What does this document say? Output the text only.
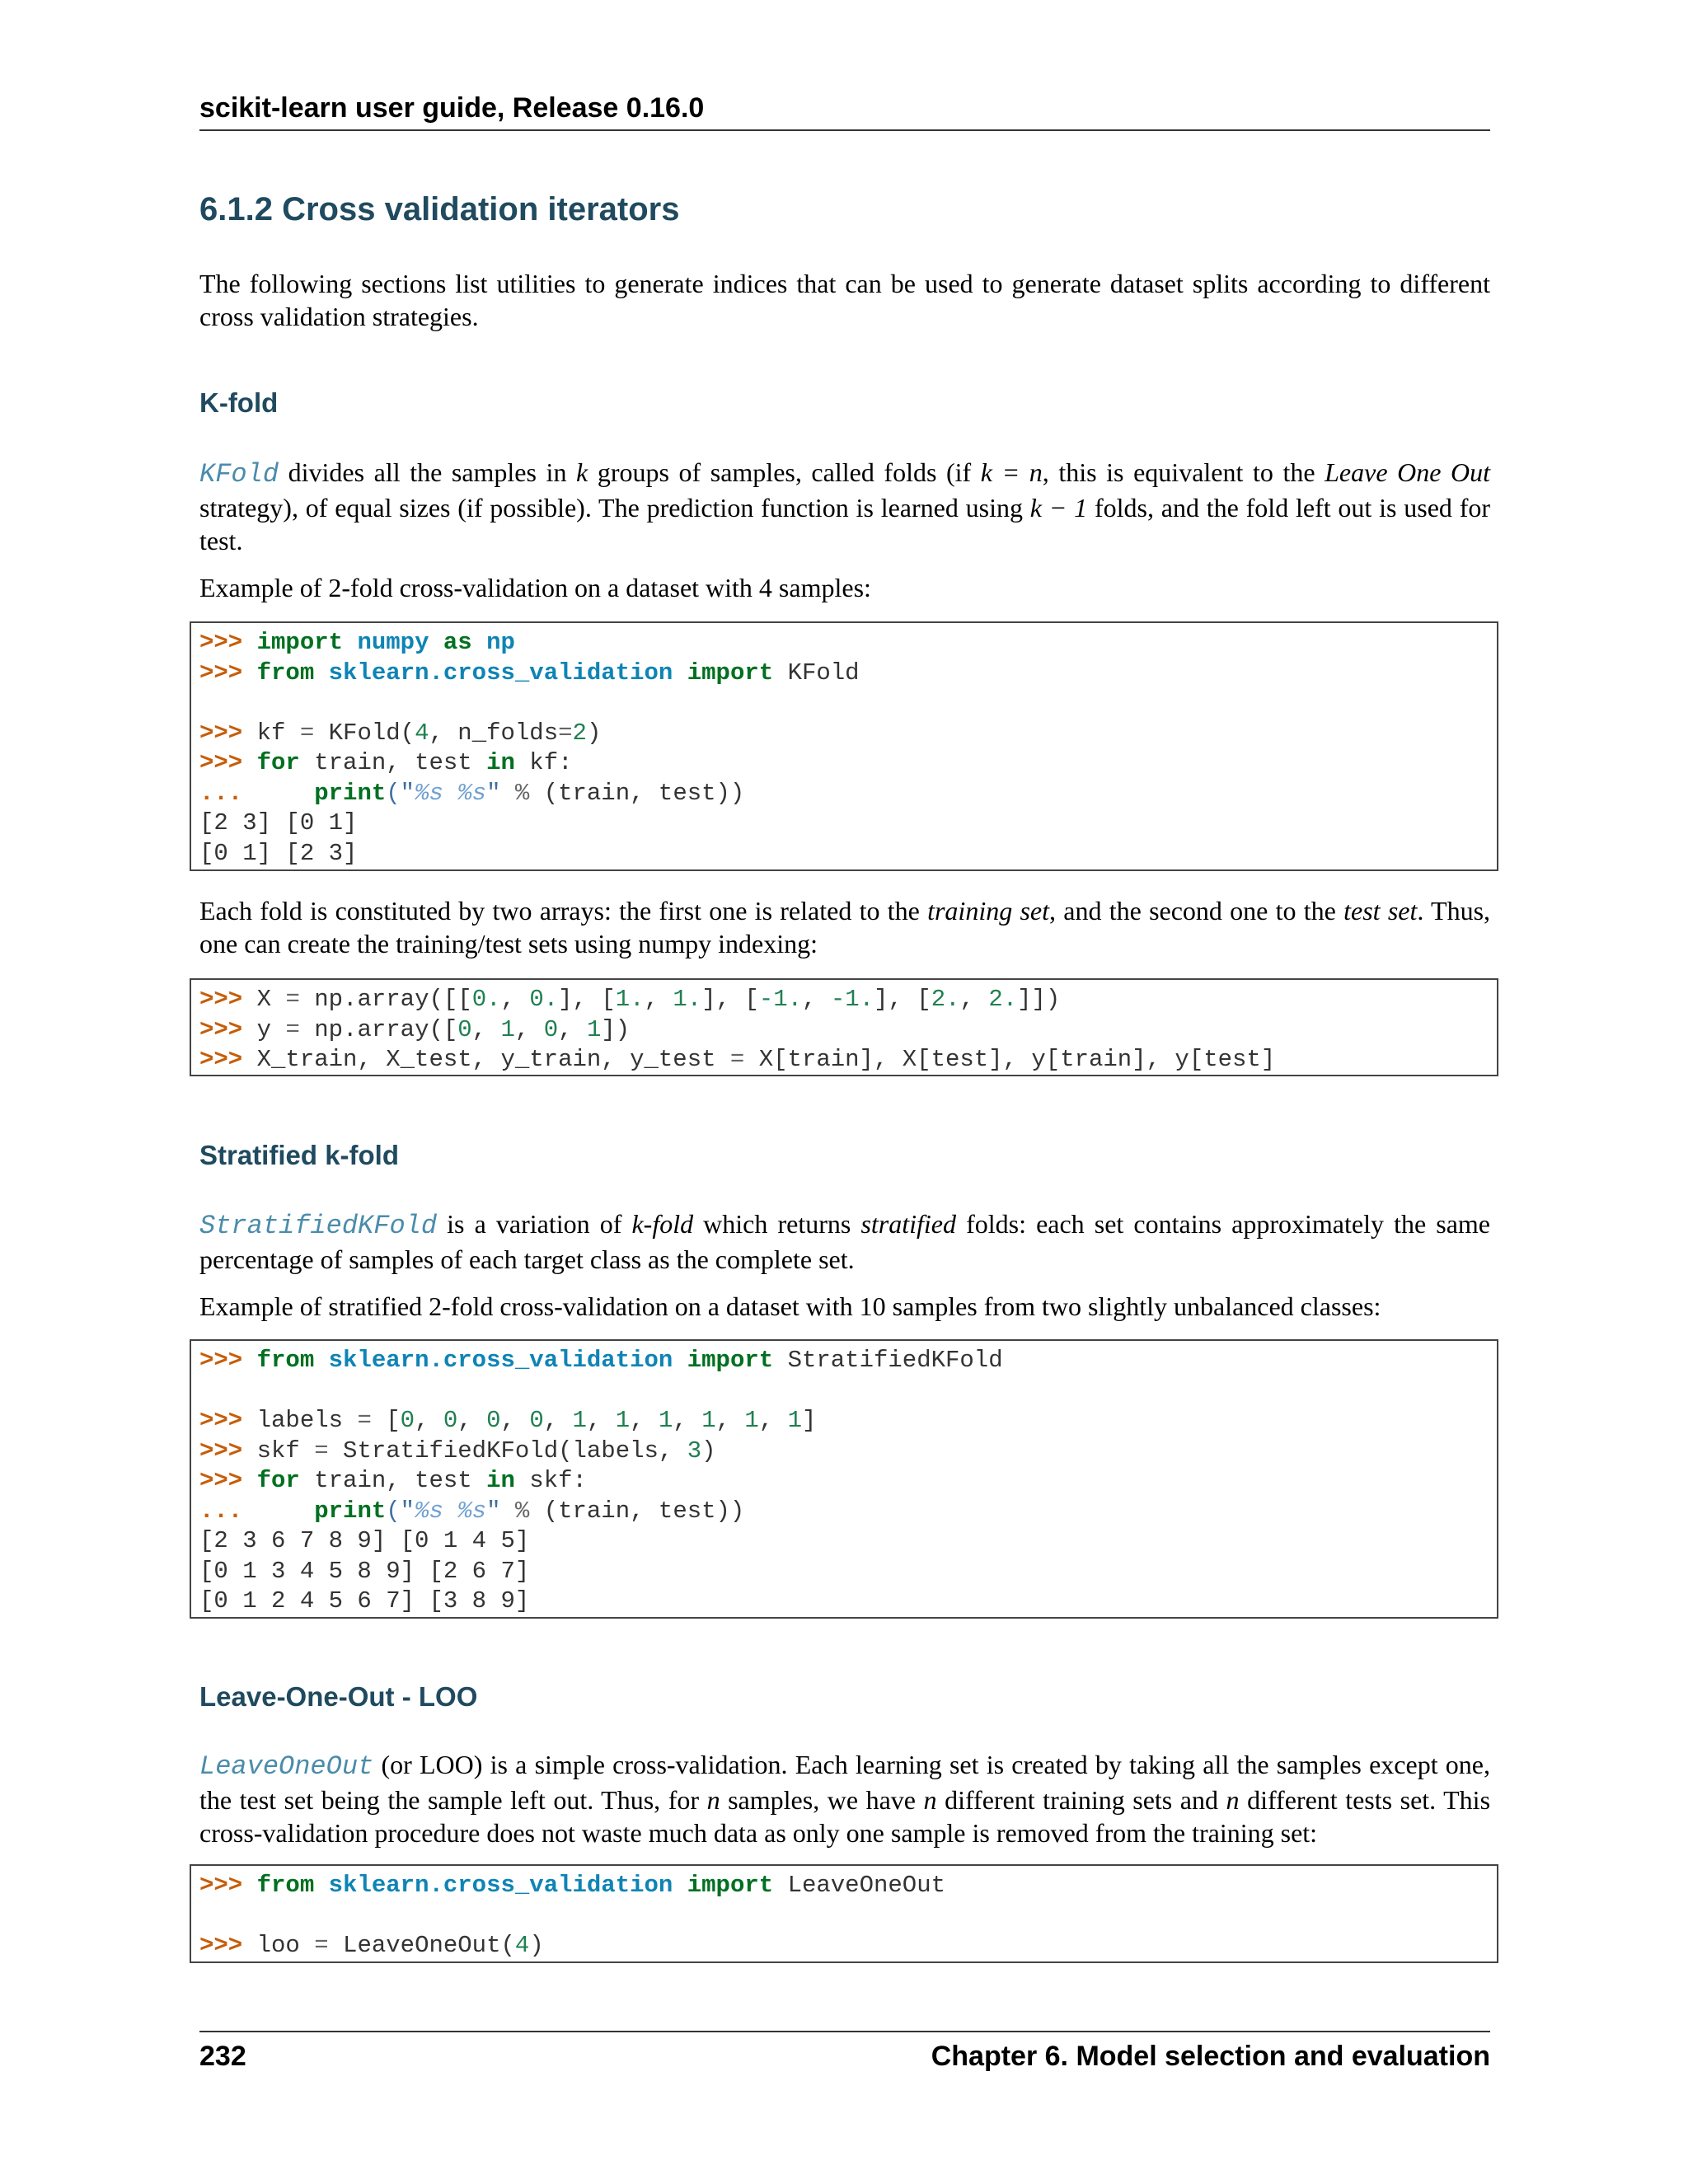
scikit-learn user guide, Release 0.16.0
6.1.2 Cross validation iterators
The following sections list utilities to generate indices that can be used to generate dataset splits according to different cross validation strategies.
K-fold
KFold divides all the samples in k groups of samples, called folds (if k = n, this is equivalent to the Leave One Out strategy), of equal sizes (if possible). The prediction function is learned using k − 1 folds, and the fold left out is used for test.
Example of 2-fold cross-validation on a dataset with 4 samples:
>>> import numpy as np
>>> from sklearn.cross_validation import KFold
>>> kf = KFold(4, n_folds=2)
>>> for train, test in kf:
...	print("%s %s" % (train, test))
[2 3] [0 1]
[0 1] [2 3]
Each fold is constituted by two arrays: the first one is related to the training set, and the second one to the test set. Thus, one can create the training/test sets using numpy indexing:
>>> X = np.array([[0., 0.], [1., 1.], [-1., -1.], [2., 2.]])
>>> y = np.array([0, 1, 0, 1])
>>> X_train, X_test, y_train, y_test = X[train], X[test], y[train], y[test]
Stratified k-fold
StratifiedKFold is a variation of k-fold which returns stratified folds: each set contains approximately the same percentage of samples of each target class as the complete set.
Example of stratified 2-fold cross-validation on a dataset with 10 samples from two slightly unbalanced classes:
>>> from sklearn.cross_validation import StratifiedKFold
>>> labels = [0, 0, 0, 0, 1, 1, 1, 1, 1, 1]
>>> skf = StratifiedKFold(labels, 3)
>>> for train, test in skf:
...	print("%s %s" % (train, test))
[2 3 6 7 8 9] [0 1 4 5]
[0 1 3 4 5 8 9] [2 6 7]
[0 1 2 4 5 6 7] [3 8 9]
Leave-One-Out - LOO
LeaveOneOut (or LOO) is a simple cross-validation. Each learning set is created by taking all the samples except one, the test set being the sample left out. Thus, for n samples, we have n different training sets and n different tests set. This cross-validation procedure does not waste much data as only one sample is removed from the training set:
>>> from sklearn.cross_validation import LeaveOneOut
>>> loo = LeaveOneOut(4)
232	Chapter 6. Model selection and evaluation
